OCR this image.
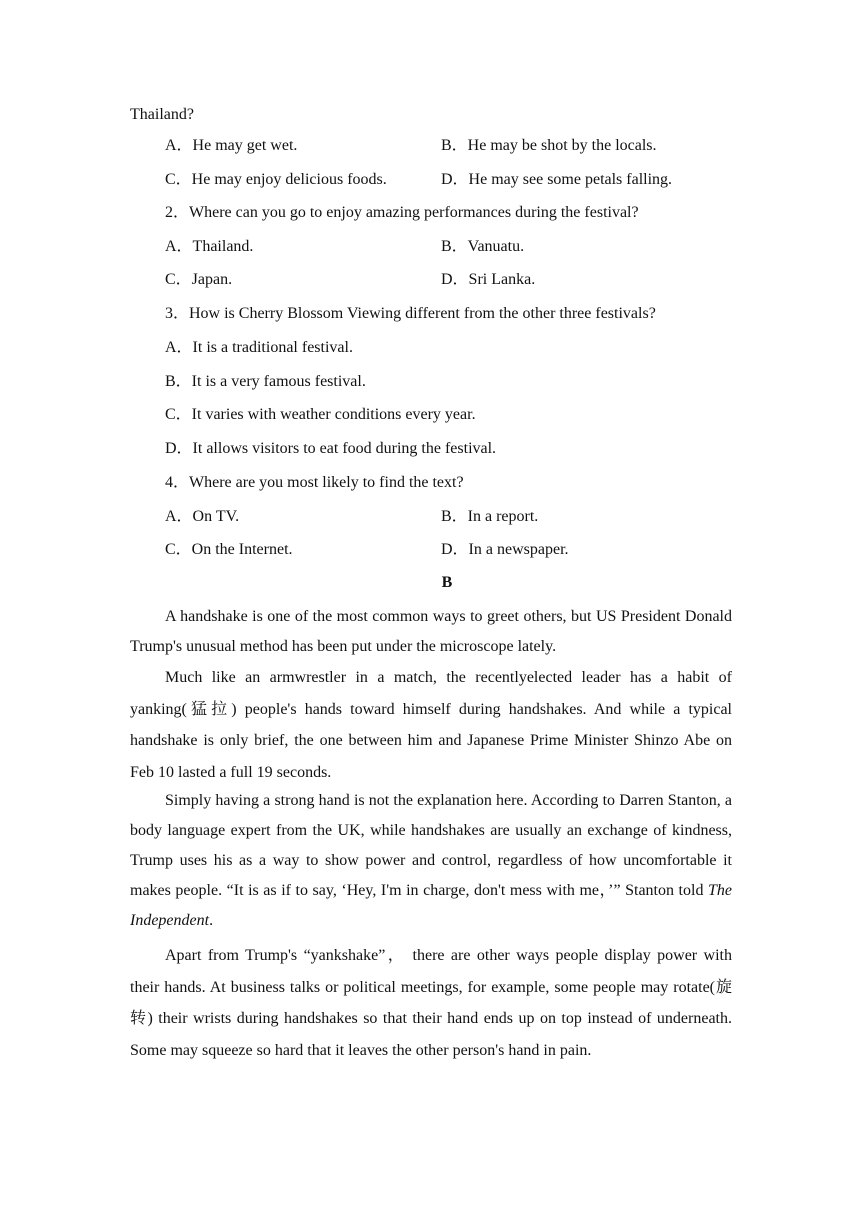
Thailand?
A．He may get wet.	B．He may be shot by the locals.
C．He may enjoy delicious foods.	D．He may see some petals falling.
2．Where can you go to enjoy amazing performances during the festival?
A．Thailand.	B．Vanuatu.
C．Japan.	D．Sri Lanka.
3．How is Cherry Blossom Viewing different from the other three festivals?
A．It is a traditional festival.
B．It is a very famous festival.
C．It varies with weather conditions every year.
D．It allows visitors to eat food during the festival.
4．Where are you most likely to find the text?
A．On TV.	B．In a report.
C．On the Internet.	D．In a newspaper.
B

A handshake is one of the most common ways to greet others, but US President Donald Trump's unusual method has been put under the microscope lately.

Much like an armwrestler in a match, the recentlyelected leader has a habit of yanking(猛拉) people's hands toward himself during handshakes. And while a typical handshake is only brief, the one between him and Japanese Prime Minister Shinzo Abe on Feb 10 lasted a full 19 seconds.

Simply having a strong hand is not the explanation here. According to Darren Stanton, a body language expert from the UK, while handshakes are usually an exchange of kindness, Trump uses his as a way to show power and control, regardless of how uncomfortable it makes people. “It is as if to say, ‘Hey, I'm in charge, don't mess with me，’” Stanton told The Independent.

Apart from Trump's “yankshake”， there are other ways people display power with their hands. At business talks or political meetings, for example, some people may rotate(旋转) their wrists during handshakes so that their hand ends up on top instead of underneath. Some may squeeze so hard that it leaves the other person's hand in pain.
